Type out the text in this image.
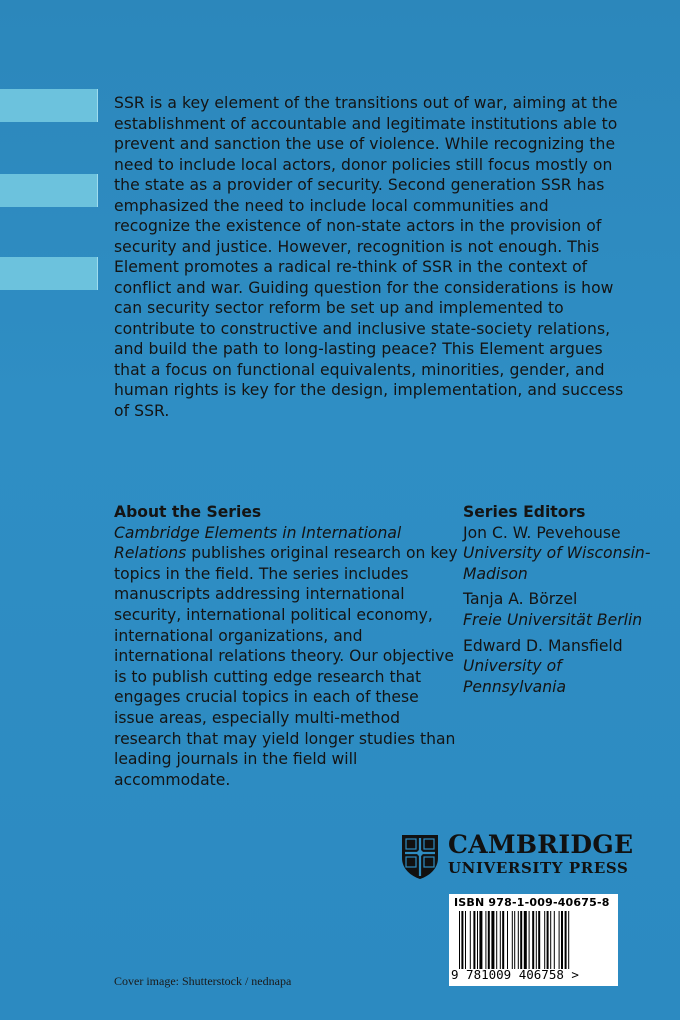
SSR is a key element of the transitions out of war, aiming at the establishment of accountable and legitimate institutions able to prevent and sanction the use of violence. While recognizing the need to include local actors, donor policies still focus mostly on the state as a provider of security. Second generation SSR has emphasized the need to include local communities and recognize the existence of non-state actors in the provision of security and justice. However, recognition is not enough. This Element promotes a radical re-think of SSR in the context of conflict and war. Guiding question for the considerations is how can security sector reform be set up and implemented to contribute to constructive and inclusive state-society relations, and build the path to long-lasting peace? This Element argues that a focus on functional equivalents, minorities, gender, and human rights is key for the design, implementation, and success of SSR.

About the Series

Cambridge Elements in International Relations publishes original research on key topics in the field. The series includes manuscripts addressing international security, international political economy, international organizations, and international relations theory. Our objective is to publish cutting edge research that engages crucial topics in each of these issue areas, especially multi-method research that may yield longer studies than leading journals in the field will accommodate.

Series Editors

Jon C. W. Pevehouse
University of Wisconsin-Madison
Tanja A. Börzel
Freie Universität Berlin
Edward D. Mansfield
University of Pennsylvania
CAMBRIDGE
UNIVERSITY PRESS
ISBN 978-1-009-40675-8
9 781009 406758 >
Cover image: Shutterstock / nednapa
